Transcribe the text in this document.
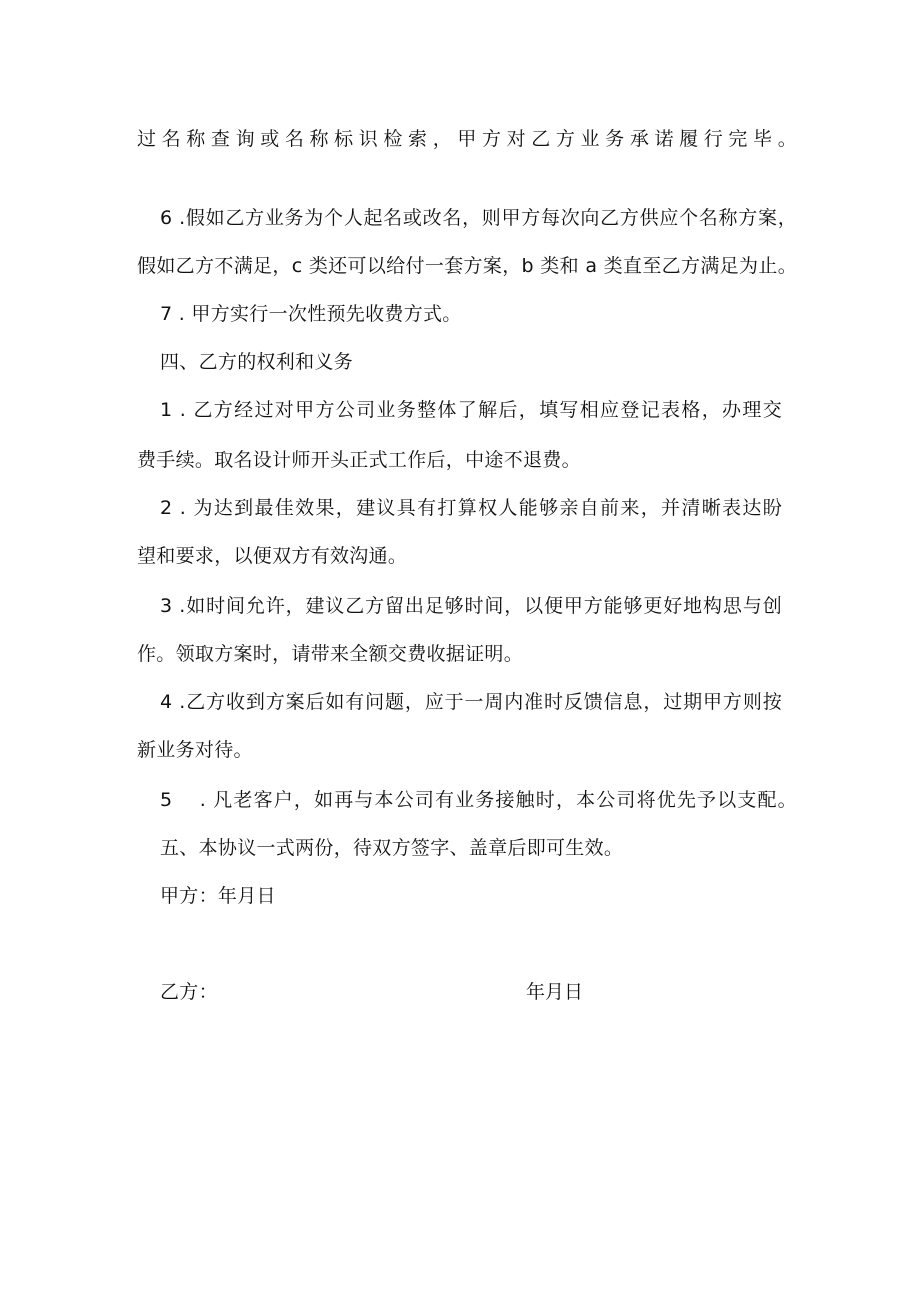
过名称查询或名称标识检索，甲方对乙方业务承诺履行完毕。
6 .假如乙方业务为个人起名或改名，则甲方每次向乙方供应个名称方案，
假如乙方不满足，c 类还可以给付一套方案，b 类和 a 类直至乙方满足为止。
7 . 甲方实行一次性预先收费方式。
四、乙方的权利和义务
1 . 乙方经过对甲方公司业务整体了解后，填写相应登记表格，办理交
费手续。取名设计师开头正式工作后，中途不退费。
2 . 为达到最佳效果，建议具有打算权人能够亲自前来，并清晰表达盼
望和要求，以便双方有效沟通。
3 .如时间允许，建议乙方留出足够时间，以便甲方能够更好地构思与创
作。领取方案时，请带来全额交费收据证明。
4 .乙方收到方案后如有问题，应于一周内准时反馈信息，过期甲方则按
新业务对待。
5 　. 凡老客户，如再与本公司有业务接触时，本公司将优先予以支配。
五、本协议一式两份，待双方签字、盖章后即可生效。
甲方：年月日
乙方：	年月日
